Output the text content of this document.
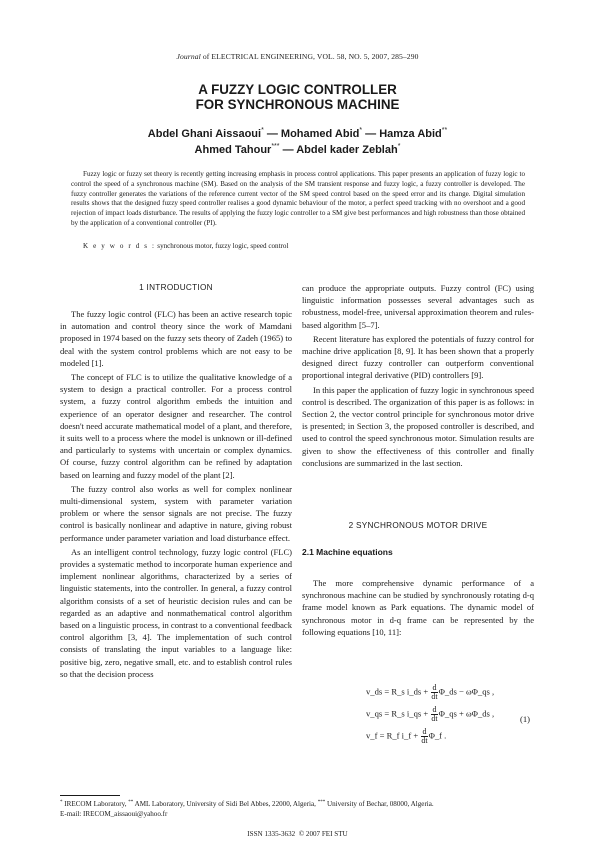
Journal of ELECTRICAL ENGINEERING, VOL. 58, NO. 5, 2007, 285–290
A FUZZY LOGIC CONTROLLER
FOR SYNCHRONOUS MACHINE
Abdel Ghani Aissaoui* — Mohamed Abid* — Hamza Abid**
Ahmed Tahour*** — Abdel kader Zeblah*
Fuzzy logic or fuzzy set theory is recently getting increasing emphasis in process control applications. This paper presents an application of fuzzy logic to control the speed of a synchronous machine (SM). Based on the analysis of the SM transient response and fuzzy logic, a fuzzy controller is developed. The fuzzy controller generates the variations of the reference current vector of the SM speed control based on the speed error and its change. Digital simulation results shows that the designed fuzzy speed controller realises a good dynamic behaviour of the motor, a perfect speed tracking with no overshoot and a good rejection of impact loads disturbance. The results of applying the fuzzy logic controller to a SM give best performances and high robustness than those obtained by the application of a conventional controller (PI).
K e y w o r d s : synchronous motor, fuzzy logic, speed control
1 INTRODUCTION

The fuzzy logic control (FLC) has been an active research topic in automation and control theory since the work of Mamdani proposed in 1974 based on the fuzzy sets theory of Zadeh (1965) to deal with the system control problems which are not easy to be modeled [1].

The concept of FLC is to utilize the qualitative knowledge of a system to design a practical controller. For a process control system, a fuzzy control algorithm embeds the intuition and experience of an operator designer and researcher. The control doesn't need accurate mathematical model of a plant, and therefore, it suits well to a process where the model is unknown or ill-defined and particularly to systems with uncertain or complex dynamics. Of course, fuzzy control algorithm can be refined by adaptation based on learning and fuzzy model of the plant [2].

The fuzzy control also works as well for complex nonlinear multi-dimensional system, system with parameter variation problem or where the sensor signals are not precise. The fuzzy control is basically nonlinear and adaptive in nature, giving robust performance under parameter variation and load disturbance effect.

As an intelligent control technology, fuzzy logic control (FLC) provides a systematic method to incorporate human experience and implement nonlinear algorithms, characterized by a series of linguistic statements, into the controller. In general, a fuzzy control algorithm consists of a set of heuristic decision rules and can be regarded as an adaptive and nonmathematical control algorithm based on a linguistic process, in contrast to a conventional feedback control algorithm [3, 4]. The implementation of such control consists of translating the input variables to a language like: positive big, zero, negative small, etc. and to establish control rules so that the decision process

can produce the appropriate outputs. Fuzzy control (FC) using linguistic information possesses several advantages such as robustness, model-free, universal approximation theorem and rules-based algorithm [5–7].

Recent literature has explored the potentials of fuzzy control for machine drive application [8, 9]. It has been shown that a properly designed direct fuzzy controller can outperform conventional proportional integral derivative (PID) controllers [9].

In this paper the application of fuzzy logic in synchronous speed control is described. The organization of this paper is as follows: in Section 2, the vector control principle for synchronous motor drive is presented; in Section 3, the proposed controller is described, and used to control the speed synchronous motor. Simulation results are given to show the effectiveness of this controller and finally conclusions are summarized in the last section.

2 SYNCHRONOUS MOTOR DRIVE
2.1 Machine equations

The more comprehensive dynamic performance of a synchronous machine can be studied by synchronously rotating d-q frame model known as Park equations. The dynamic model of synchronous motor in d-q frame can be represented by the following equations [10, 11]:

v_ds = R_s i_ds + $\frac{d}{dt}$ Φ_ds − ωΦ_qs ,
v_qs = R_s i_qs + $\frac{d}{dt}$ Φ_qs + ωΦ_ds ,
v_f = R_f i_f + $\frac{d}{dt}$ Φ_f .
(1)
* IRECOM Laboratory, ** AML Laboratory, University of Sidi Bel Abbes, 22000, Algeria, *** University of Bechar, 08000, Algeria.
E-mail: IRECOM_aissaoui@yahoo.fr
ISSN 1335-3632 © 2007 FEI STU
